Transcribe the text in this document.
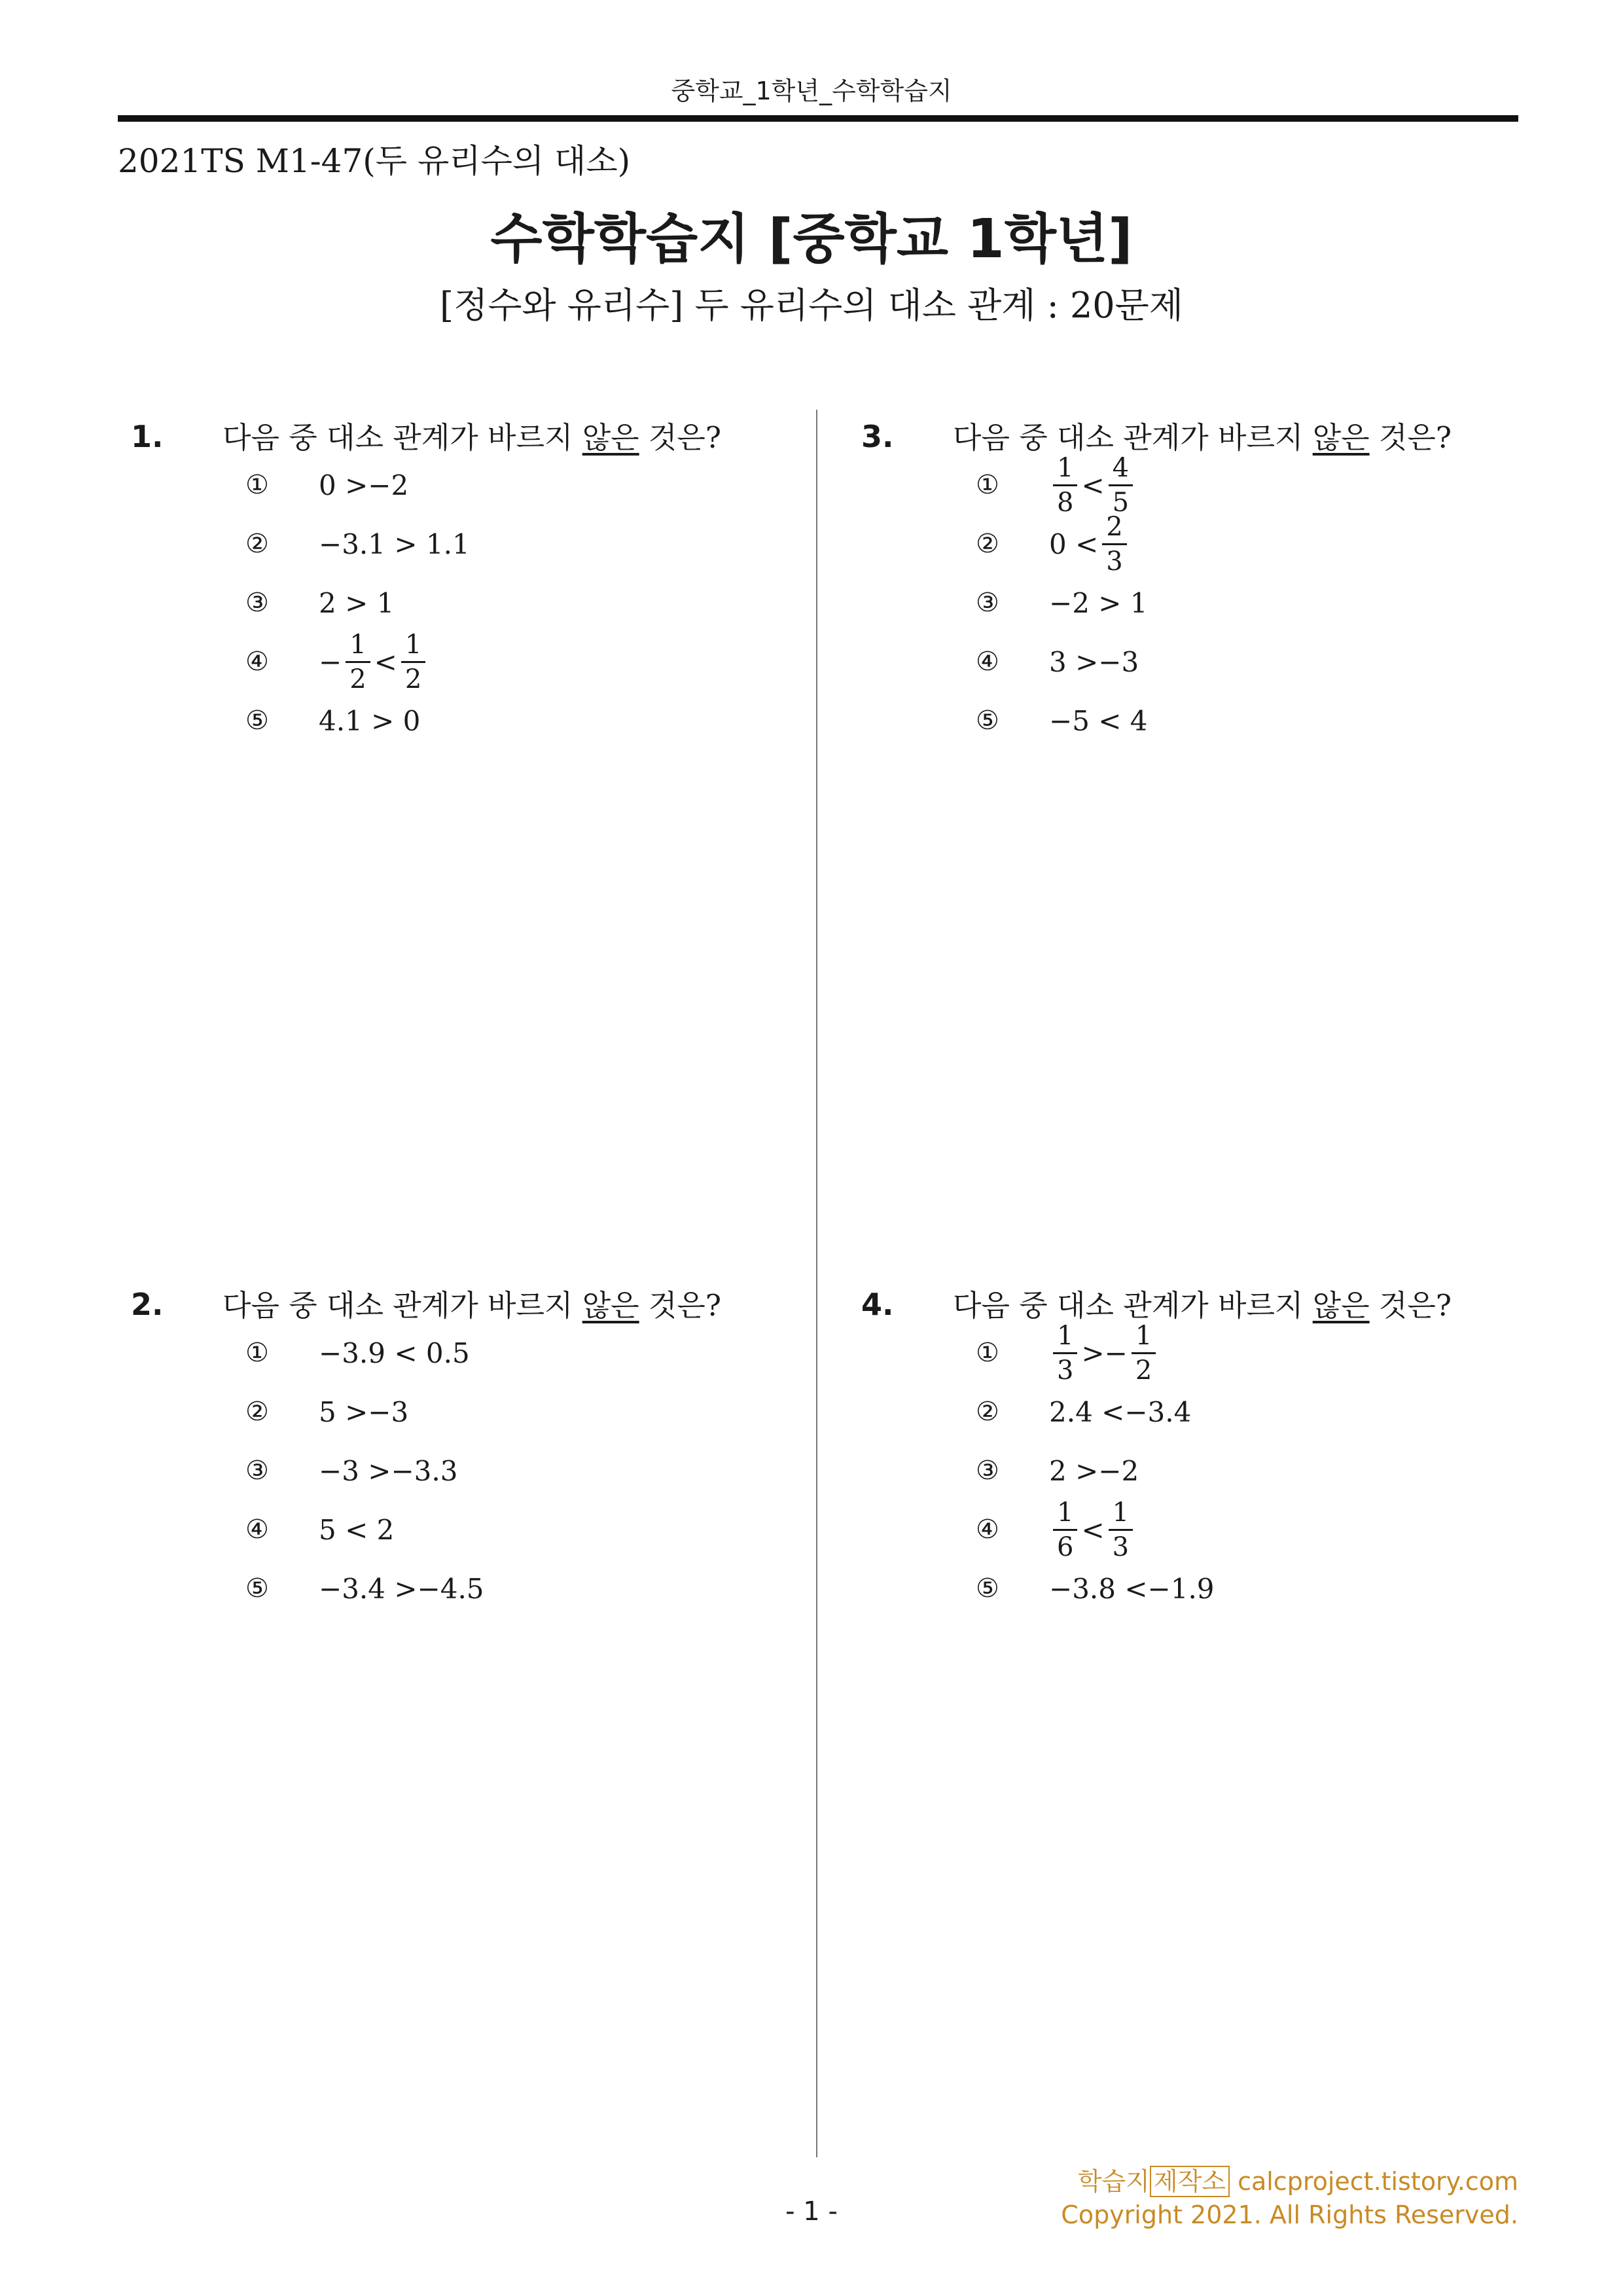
중학교_1학년_수학학습지
2021TS M1-47(두 유리수의 대소)
수학학습지 [중학교 1학년]
[정수와 유리수] 두 유리수의 대소 관계 : 20문제
1. 다음 중 대소 관계가 바르지 않은 것은?
①	0 >−2
②	−3.1 > 1.1
③	2 > 1
④	− $\frac{1}{2} < \frac{1}{2}$
⑤	4.1 > 0
2. 다음 중 대소 관계가 바르지 않은 것은?
①	−3.9 < 0.5
②	5 >−3
③	−3 >−3.3
④	5 < 2
⑤	−3.4 >−4.5
3. 다음 중 대소 관계가 바르지 않은 것은?
①	$\frac{1}{8} < \frac{4}{5}$
②	$0 < \frac{2}{3}$
③	−2 > 1
④	3 >−3
⑤	−5 < 4
4. 다음 중 대소 관계가 바르지 않은 것은?
①	$\frac{1}{3} >- \frac{1}{2}$
②	2.4 <−3.4
③	2 >−2
④	$\frac{1}{6} < \frac{1}{3}$
⑤	−3.8 <−1.9
학습지 제작소 calcproject.tistory.com
Copyright 2021. All Rights Reserved.
- 1 -
